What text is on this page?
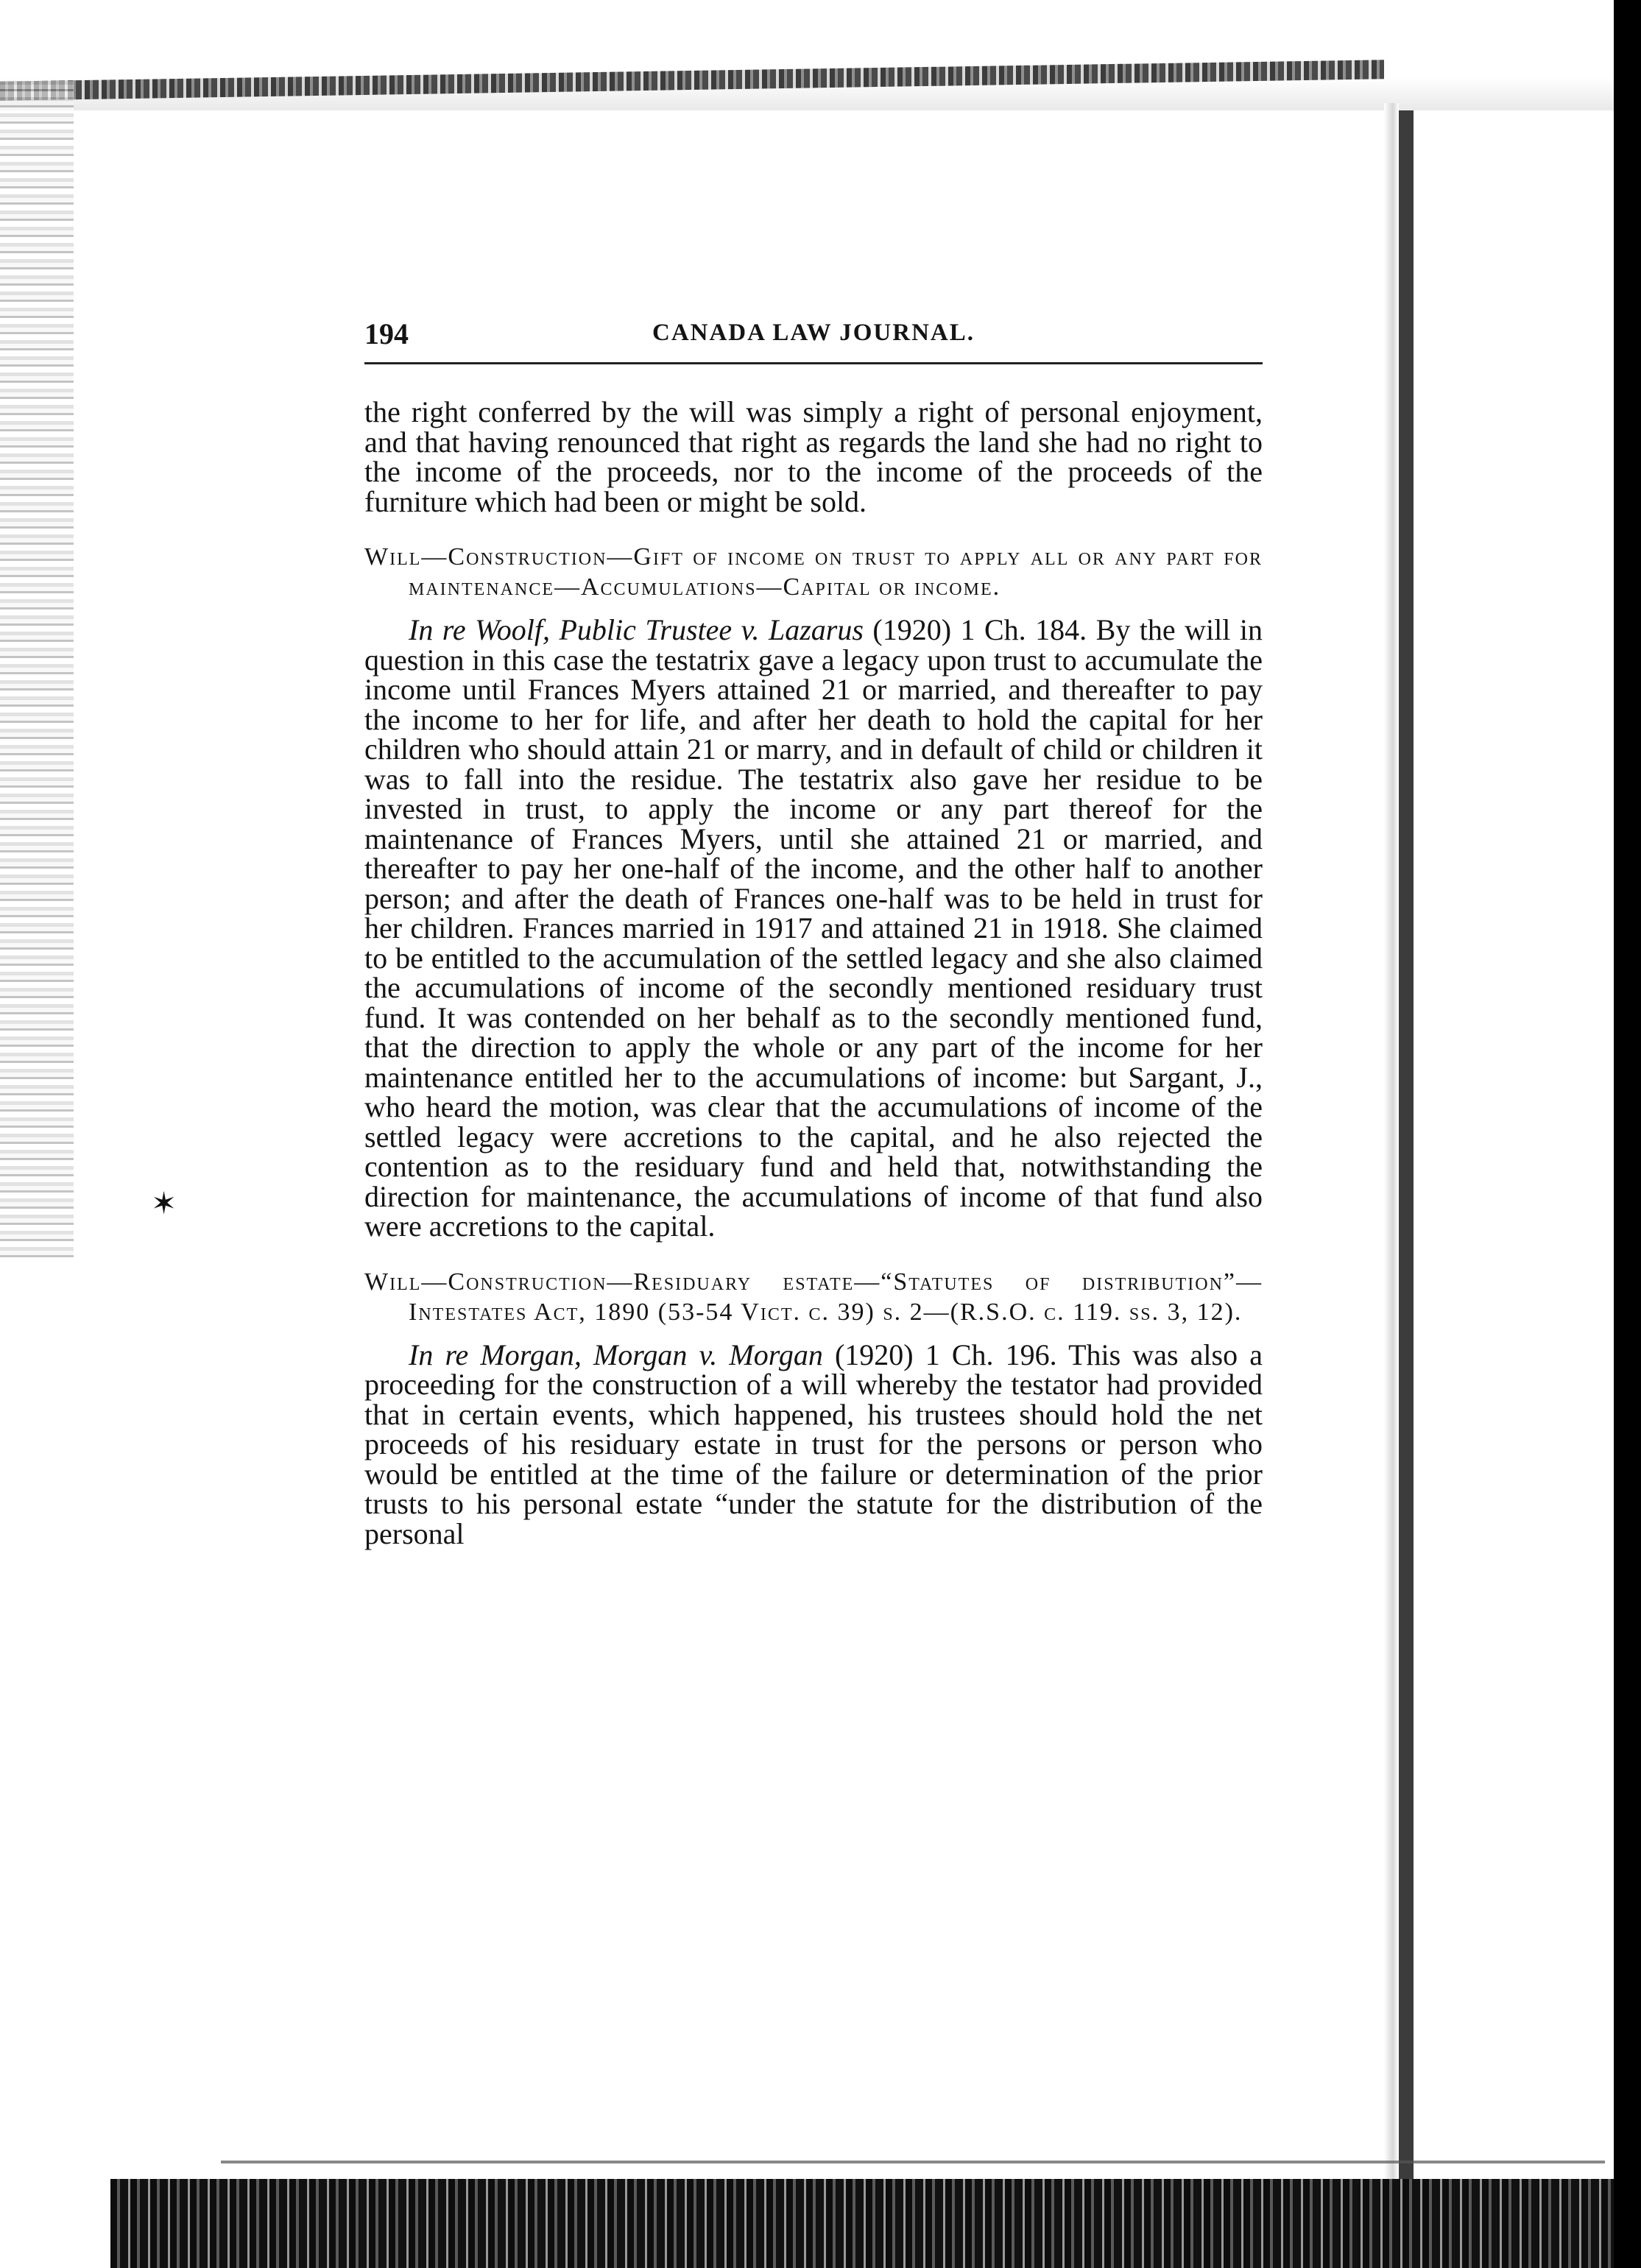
✶
194	CANADA LAW JOURNAL.

the right conferred by the will was simply a right of personal enjoyment, and that having renounced that right as regards the land she had no right to the income of the proceeds, nor to the income of the proceeds of the furniture which had been or might be sold.

Will—Construction—Gift of income on trust to apply all or any part for maintenance—Accumulations—Capital or income.

In re Woolf, Public Trustee v. Lazarus (1920) 1 Ch. 184. By the will in question in this case the testatrix gave a legacy upon trust to accumulate the income until Frances Myers attained 21 or married, and thereafter to pay the income to her for life, and after her death to hold the capital for her children who should attain 21 or marry, and in default of child or children it was to fall into the residue. The testatrix also gave her residue to be invested in trust, to apply the income or any part thereof for the maintenance of Frances Myers, until she attained 21 or married, and thereafter to pay her one-half of the income, and the other half to another person; and after the death of Frances one-half was to be held in trust for her children. Frances married in 1917 and attained 21 in 1918. She claimed to be entitled to the accumulation of the settled legacy and she also claimed the accumulations of income of the secondly mentioned residuary trust fund. It was contended on her behalf as to the secondly mentioned fund, that the direction to apply the whole or any part of the income for her maintenance entitled her to the accumulations of income: but Sargant, J., who heard the motion, was clear that the accumulations of income of the settled legacy were accretions to the capital, and he also rejected the contention as to the residuary fund and held that, notwithstanding the direction for maintenance, the accumulations of income of that fund also were accretions to the capital.

Will—Construction—Residuary estate—“Statutes of distribution”—Intestates Act, 1890 (53-54 Vict. c. 39) s. 2—(R.S.O. c. 119. ss. 3, 12).

In re Morgan, Morgan v. Morgan (1920) 1 Ch. 196. This was also a proceeding for the construction of a will whereby the testator had provided that in certain events, which happened, his trustees should hold the net proceeds of his residuary estate in trust for the persons or person who would be entitled at the time of the failure or determination of the prior trusts to his personal estate “under the statute for the distribution of the personal
